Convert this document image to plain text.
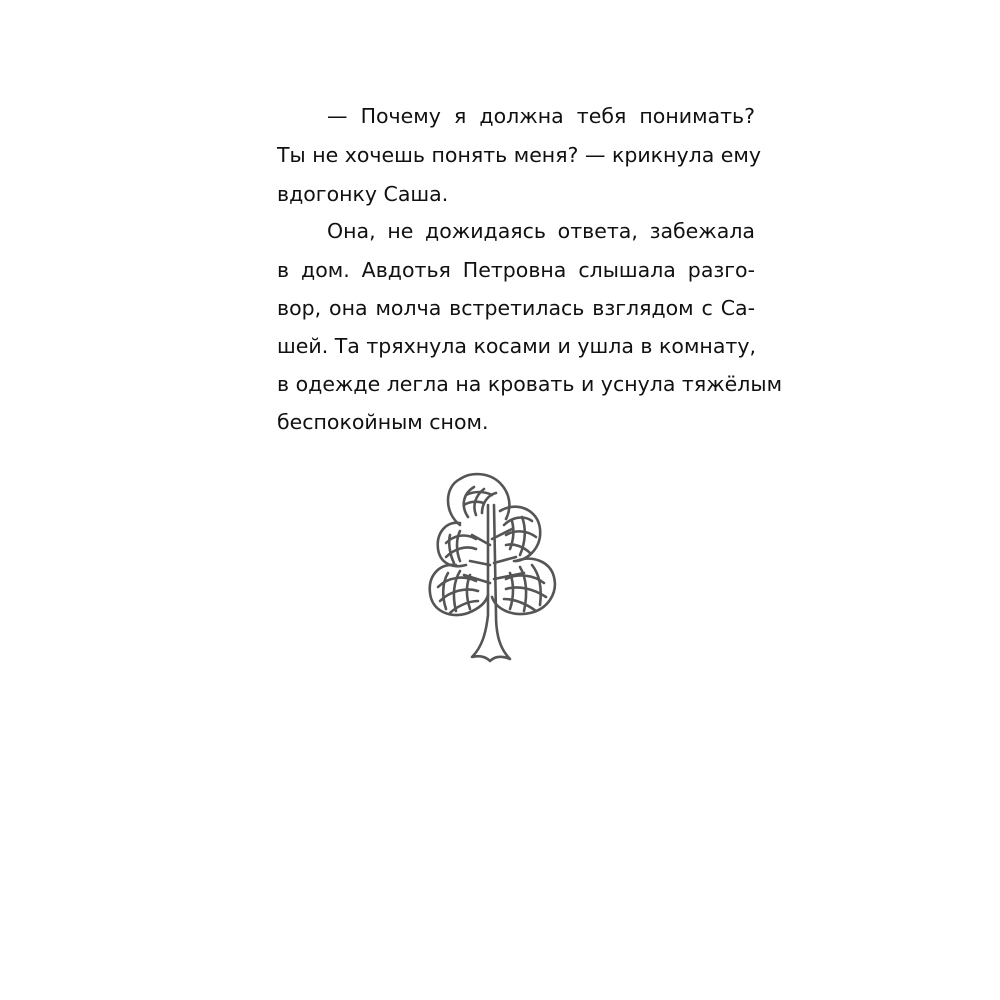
— Почему я должна тебя понимать?
Ты не хочешь понять меня? — крикнула ему
вдогонку Саша.
Она, не дожидаясь ответа, забежала
в дом. Авдотья Петровна слышала разго-
вор, она молча встретилась взглядом с Са-
шей. Та тряхнула косами и ушла в комнату,
в одежде легла на кровать и уснула тяжёлым
беспокойным сном.
